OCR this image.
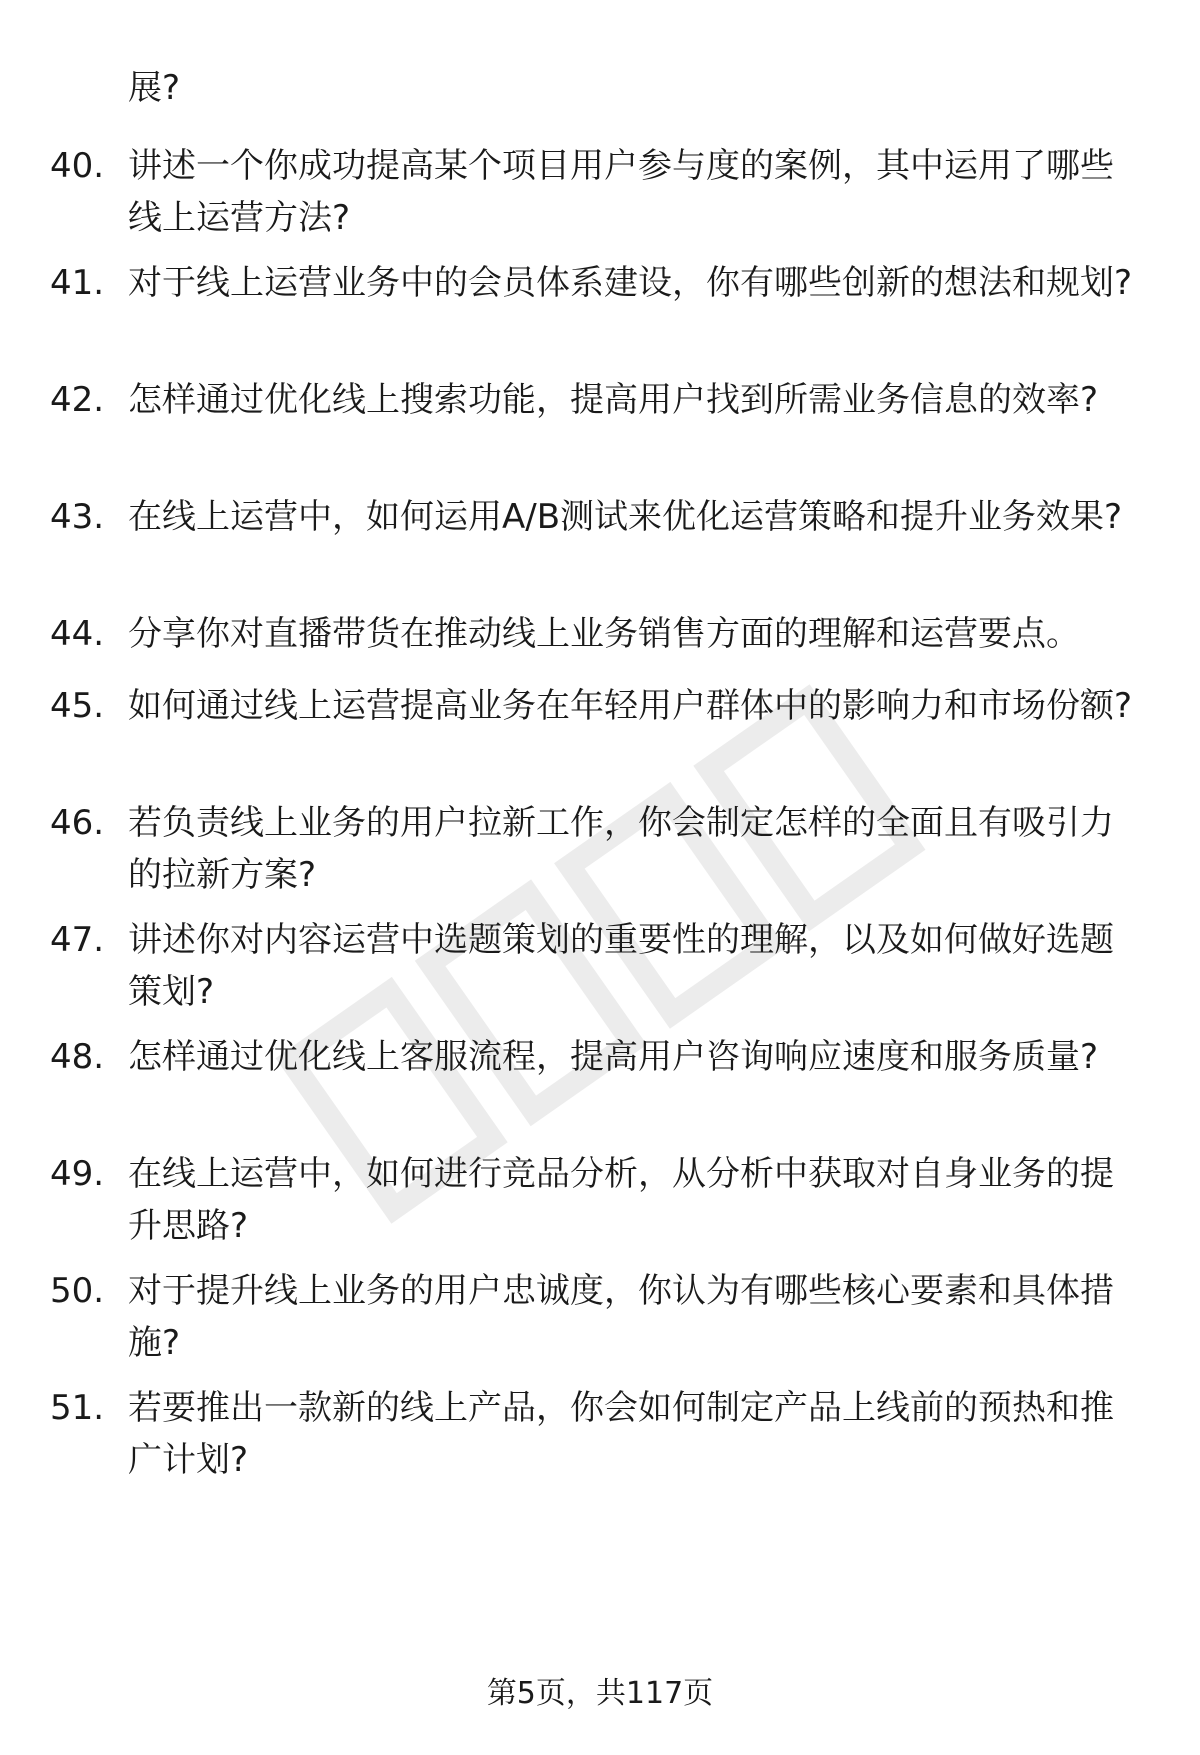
展?
40. 讲述一个你成功提高某个项目用户参与度的案例，其中运用了哪些线上运营方法?
41. 对于线上运营业务中的会员体系建设，你有哪些创新的想法和规划?
42. 怎样通过优化线上搜索功能，提高用户找到所需业务信息的效率?
43. 在线上运营中，如何运用A/B测试来优化运营策略和提升业务效果?
44. 分享你对直播带货在推动线上业务销售方面的理解和运营要点。
45. 如何通过线上运营提高业务在年轻用户群体中的影响力和市场份额?
46. 若负责线上业务的用户拉新工作，你会制定怎样的全面且有吸引力的拉新方案?
47. 讲述你对内容运营中选题策划的重要性的理解，以及如何做好选题策划?
48. 怎样通过优化线上客服流程，提高用户咨询响应速度和服务质量?
49. 在线上运营中，如何进行竞品分析，从分析中获取对自身业务的提升思路?
50. 对于提升线上业务的用户忠诚度，你认为有哪些核心要素和具体措施?
51. 若要推出一款新的线上产品，你会如何制定产品上线前的预热和推广计划?
第5页，共117页
